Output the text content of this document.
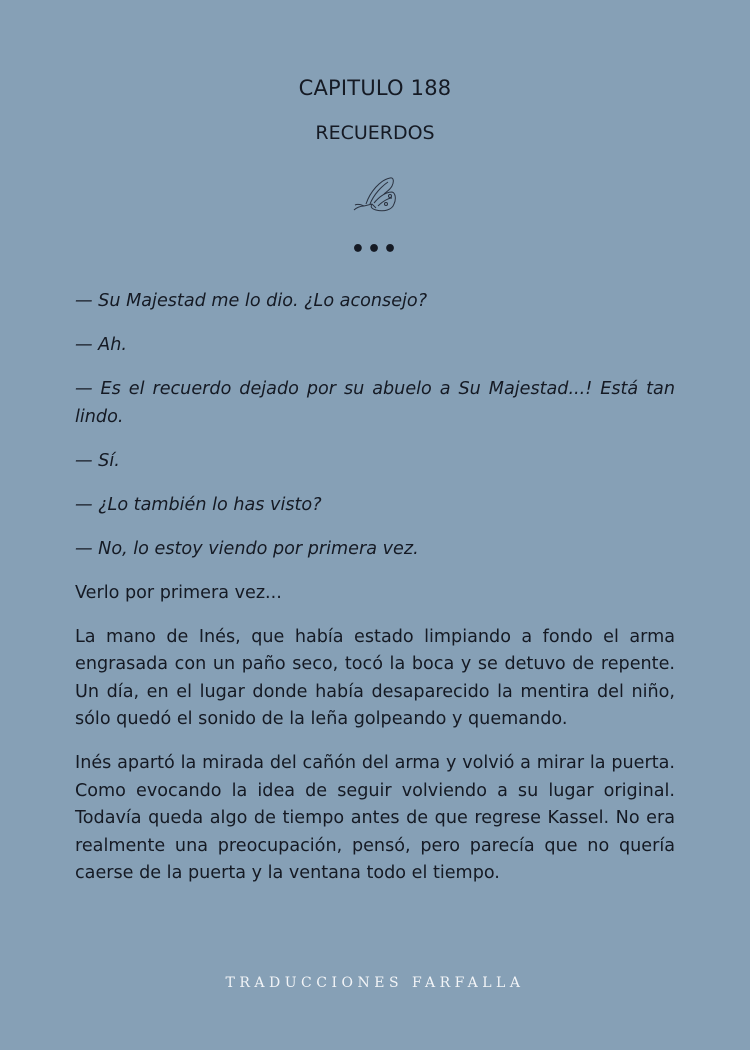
CAPITULO 188
RECUERDOS
•••

— Su Majestad me lo dio. ¿Lo aconsejo?

— Ah.

— Es el recuerdo dejado por su abuelo a Su Majestad...! Está tan lindo.

— Sí.

— ¿Lo también lo has visto?

— No, lo estoy viendo por primera vez.

Verlo por primera vez...

La mano de Inés, que había estado limpiando a fondo el arma engrasada con un paño seco, tocó la boca y se detuvo de repente. Un día, en el lugar donde había desaparecido la mentira del niño, sólo quedó el sonido de la leña golpeando y quemando.

Inés apartó la mirada del cañón del arma y volvió a mirar la puerta. Como evocando la idea de seguir volviendo a su lugar original. Todavía queda algo de tiempo antes de que regrese Kassel. No era realmente una preocupación, pensó, pero parecía que no quería caerse de la puerta y la ventana todo el tiempo.

TRADUCCIONES FARFALLA
